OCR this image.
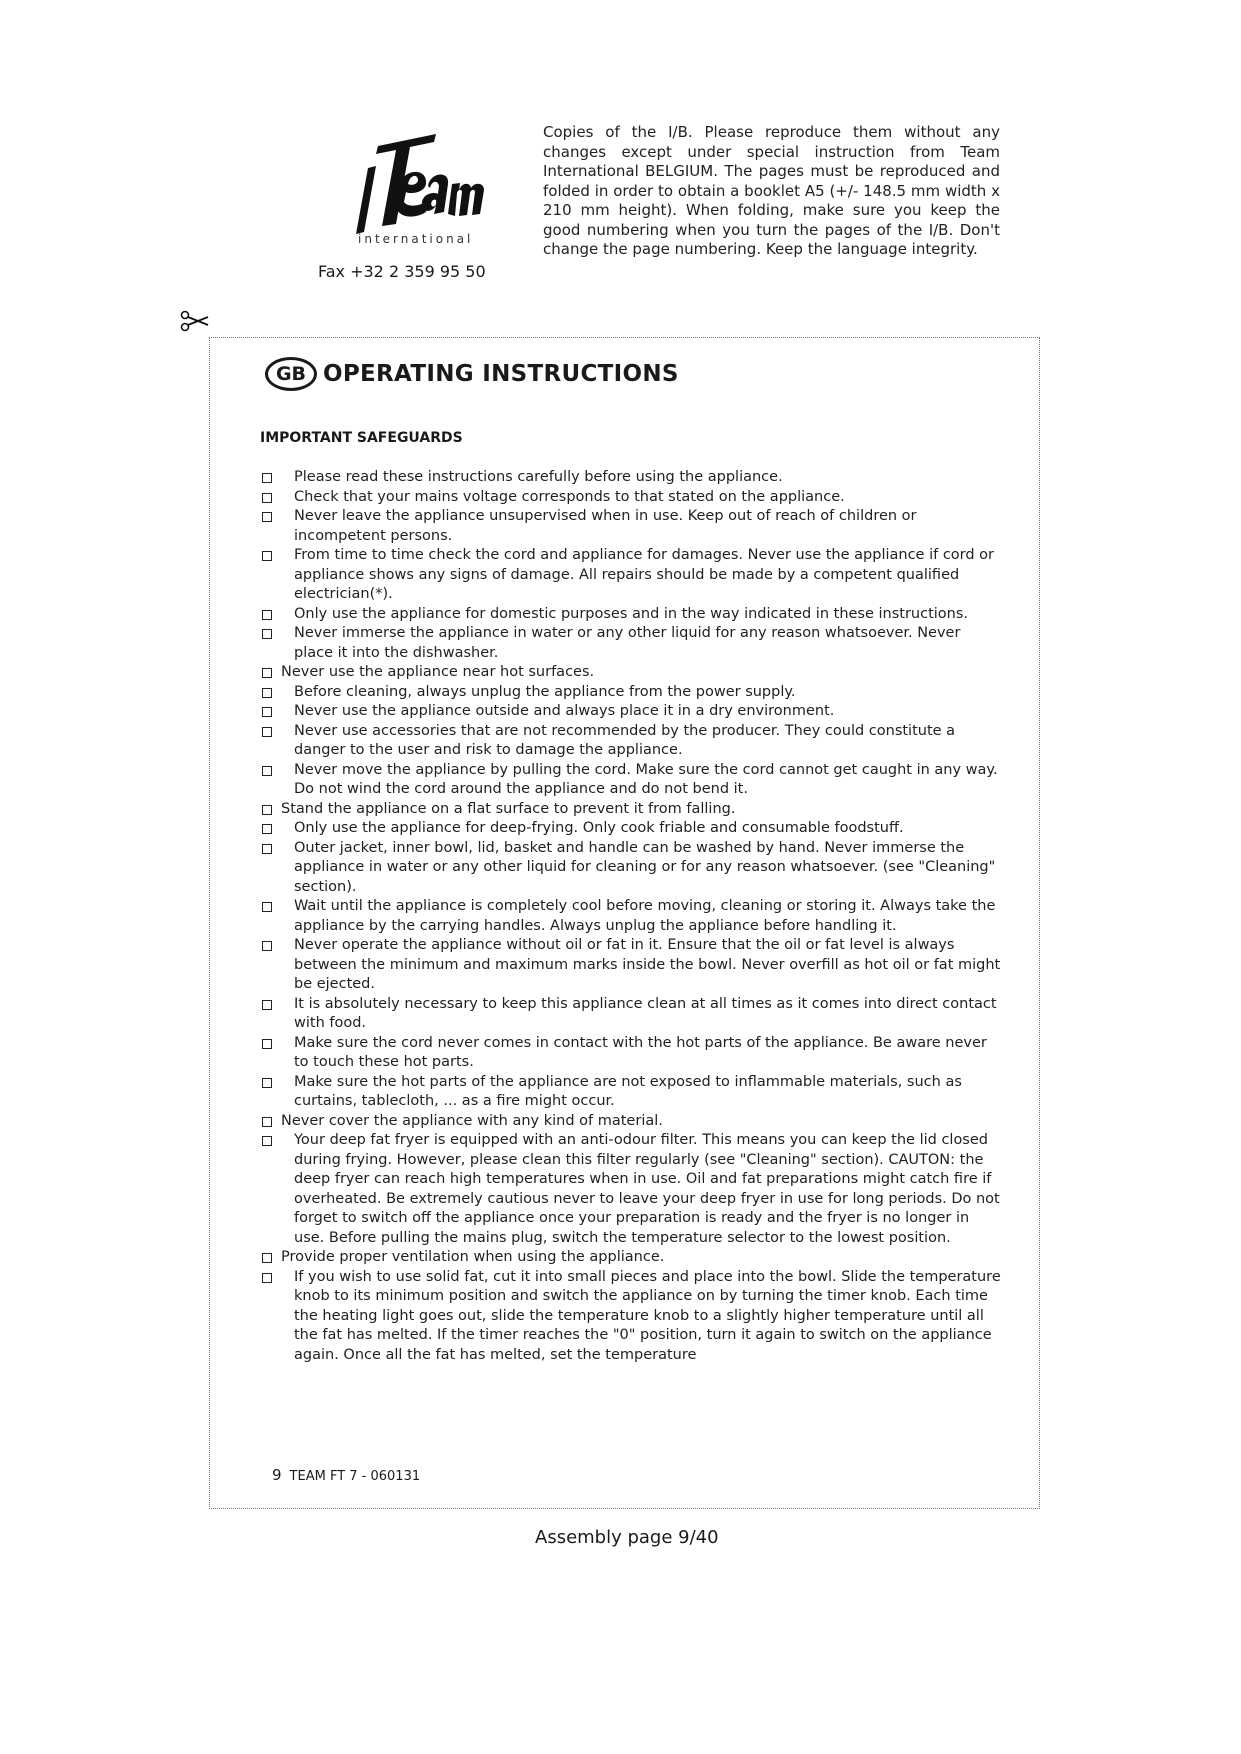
international
Fax +32 2 359 95 50
Copies of the I/B. Please reproduce them without any changes except under special instruction from Team International BELGIUM. The pages must be reproduced and folded in order to obtain a booklet A5 (+/- 148.5 mm width x 210 mm height). When folding, make sure you keep the good numbering when you turn the pages of the I/B. Don't change the page numbering. Keep the language integrity.
GB OPERATING INSTRUCTIONS
IMPORTANT SAFEGUARDS
Please read these instructions carefully before using the appliance.
Check that your mains voltage corresponds to that stated on the appliance.
Never leave the appliance unsupervised when in use. Keep out of reach of children or incompetent persons.
From time to time check the cord and appliance for damages. Never use the appliance if cord or appliance shows any signs of damage. All repairs should be made by a competent qualified electrician(*).
Only use the appliance for domestic purposes and in the way indicated in these instructions.
Never immerse the appliance in water or any other liquid for any reason whatsoever. Never place it into the dishwasher.
Never use the appliance near hot surfaces.
Before cleaning, always unplug the appliance from the power supply.
Never use the appliance outside and always place it in a dry environment.
Never use accessories that are not recommended by the producer. They could constitute a danger to the user and risk to damage the appliance.
Never move the appliance by pulling the cord. Make sure the cord cannot get caught in any way. Do not wind the cord around the appliance and do not bend it.
Stand the appliance on a flat surface to prevent it from falling.
Only use the appliance for deep-frying. Only cook friable and consumable foodstuff.
Outer jacket, inner bowl, lid, basket and handle can be washed by hand. Never immerse the appliance in water or any other liquid for cleaning or for any reason whatsoever. (see "Cleaning" section).
Wait until the appliance is completely cool before moving, cleaning or storing it. Always take the appliance by the carrying handles. Always unplug the appliance before handling it.
Never operate the appliance without oil or fat in it. Ensure that the oil or fat level is always between the minimum and maximum marks inside the bowl. Never overfill as hot oil or fat might be ejected.
It is absolutely necessary to keep this appliance clean at all times as it comes into direct contact with food.
Make sure the cord never comes in contact with the hot parts of the appliance. Be aware never to touch these hot parts.
Make sure the hot parts of the appliance are not exposed to inflammable materials, such as curtains, tablecloth, ... as a fire might occur.
Never cover the appliance with any kind of material.
Your deep fat fryer is equipped with an anti-odour filter. This means you can keep the lid closed during frying. However, please clean this filter regularly (see "Cleaning" section). CAUTON: the deep fryer can reach high temperatures when in use. Oil and fat preparations might catch fire if overheated. Be extremely cautious never to leave your deep fryer in use for long periods. Do not forget to switch off the appliance once your preparation is ready and the fryer is no longer in use. Before pulling the mains plug, switch the temperature selector to the lowest position.
Provide proper ventilation when using the appliance.
If you wish to use solid fat, cut it into small pieces and place into the bowl. Slide the temperature knob to its minimum position and switch the appliance on by turning the timer knob. Each time the heating light goes out, slide the temperature knob to a slightly higher temperature until all the fat has melted. If the timer reaches the "0" position, turn it again to switch on the appliance again. Once all the fat has melted, set the temperature
9 TEAM FT 7 - 060131
Assembly page 9/40
